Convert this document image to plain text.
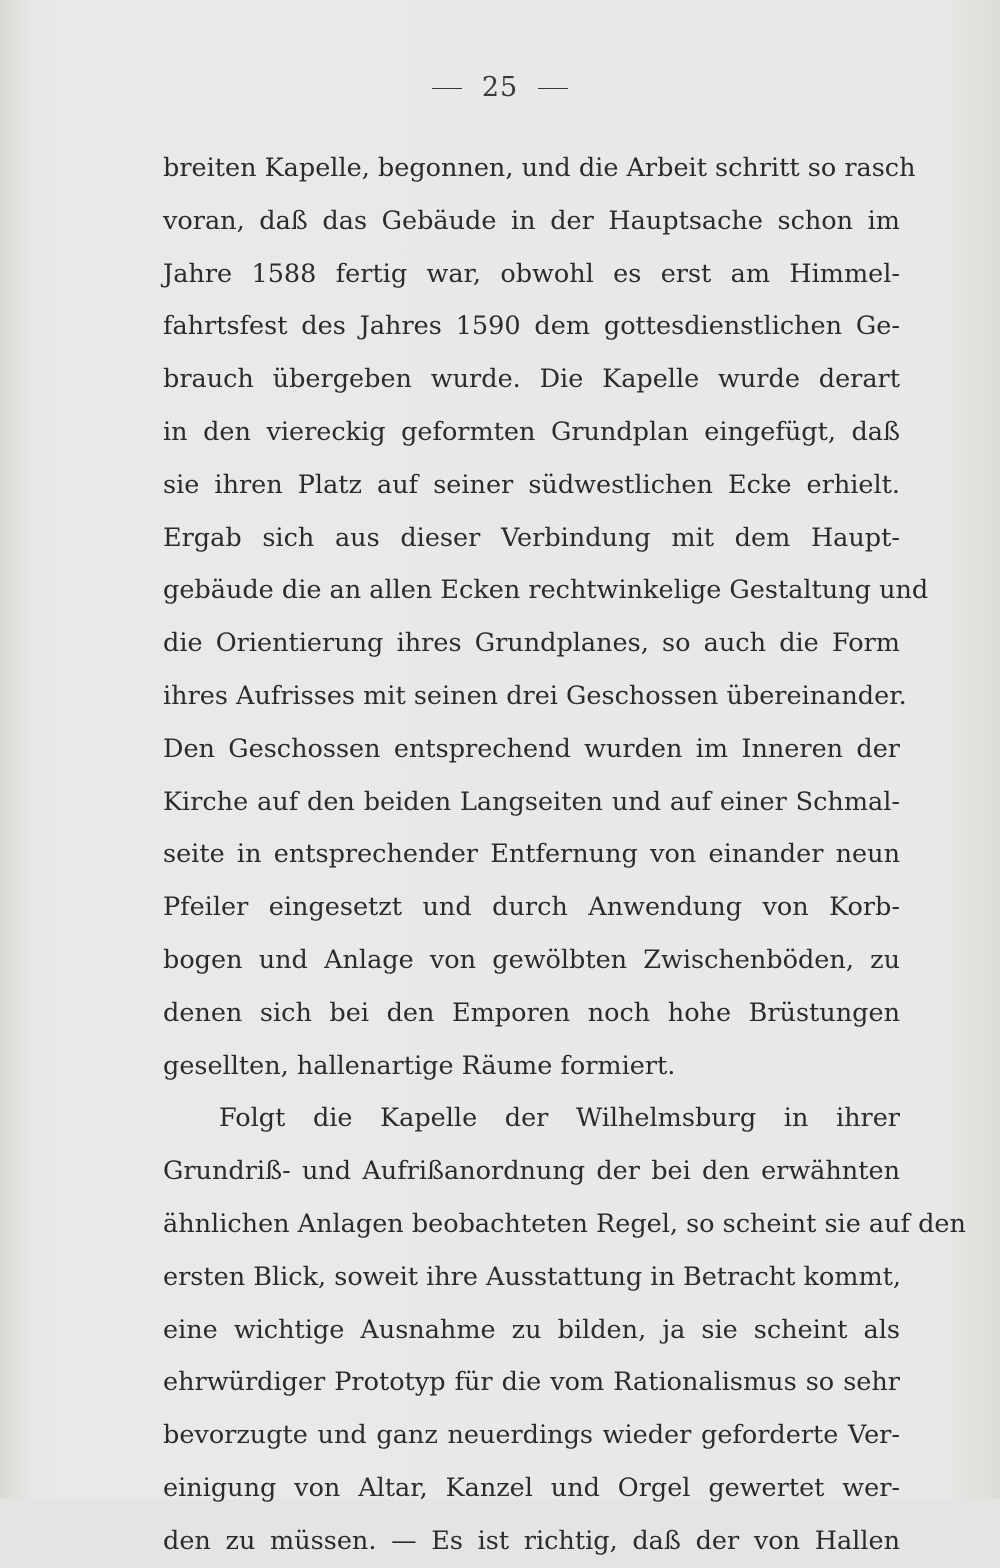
25
breiten Kapelle, begonnen, und die Arbeit schritt so rasch
voran, daß das Gebäude in der Hauptsache schon im
Jahre 1588 fertig war, obwohl es erst am Himmel-
fahrtsfest des Jahres 1590 dem gottesdienstlichen Ge-
brauch übergeben wurde. Die Kapelle wurde derart
in den viereckig geformten Grundplan eingefügt, daß
sie ihren Platz auf seiner südwestlichen Ecke erhielt.
Ergab sich aus dieser Verbindung mit dem Haupt-
gebäude die an allen Ecken rechtwinkelige Gestaltung und
die Orientierung ihres Grundplanes, so auch die Form
ihres Aufrisses mit seinen drei Geschossen übereinander.
Den Geschossen entsprechend wurden im Inneren der
Kirche auf den beiden Langseiten und auf einer Schmal-
seite in entsprechender Entfernung von einander neun
Pfeiler eingesetzt und durch Anwendung von Korb-
bogen und Anlage von gewölbten Zwischenböden, zu
denen sich bei den Emporen noch hohe Brüstungen
gesellten, hallenartige Räume formiert.
Folgt die Kapelle der Wilhelmsburg in ihrer
Grundriß- und Aufrißanordnung der bei den erwähnten
ähnlichen Anlagen beobachteten Regel, so scheint sie auf den
ersten Blick, soweit ihre Ausstattung in Betracht kommt,
eine wichtige Ausnahme zu bilden, ja sie scheint als
ehrwürdiger Prototyp für die vom Rationalismus so sehr
bevorzugte und ganz neuerdings wieder geforderte Ver-
einigung von Altar, Kanzel und Orgel gewertet wer-
den zu müssen. — Es ist richtig, daß der von Hallen
